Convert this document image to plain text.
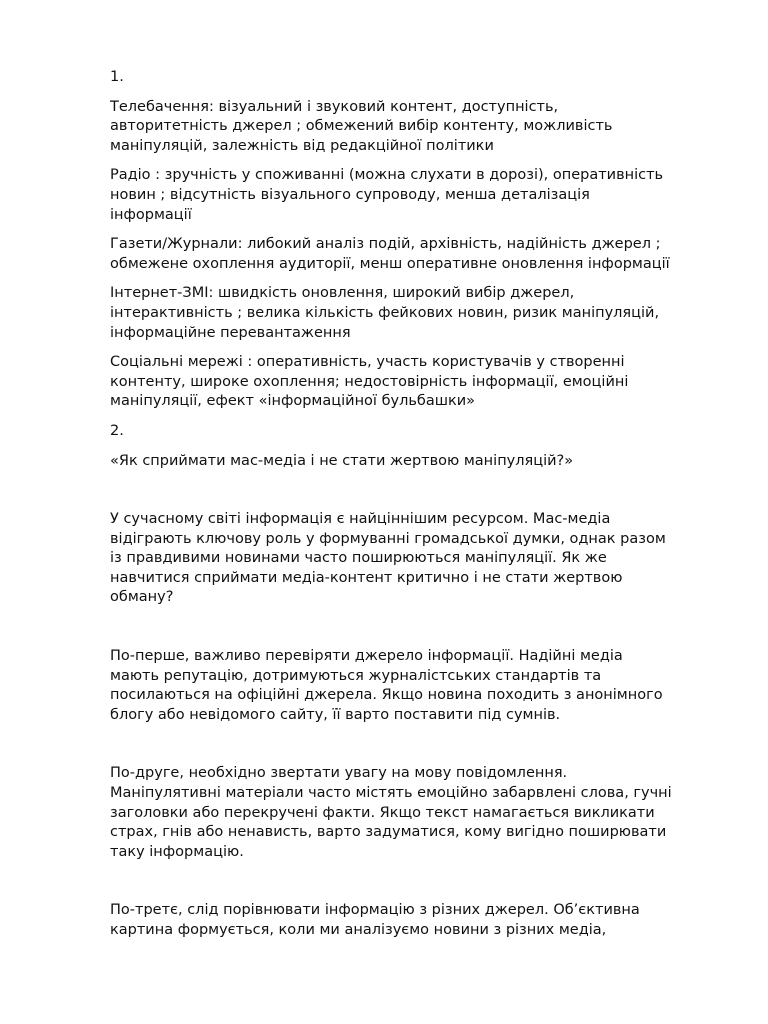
1.

Телебачення: візуальний і звуковий контент, доступність,
авторитетність джерел ; обмежений вибір контенту, можливість
маніпуляцій, залежність від редакційної політики

Радіо : зручність у споживанні (можна слухати в дорозі), оперативність
новин ; відсутність візуального супроводу, менша деталізація
інформації

Газети/Журнали: либокий аналіз подій, архівність, надійність джерел ;
обмежене охоплення аудиторії, менш оперативне оновлення інформації

Інтернет-ЗМІ: швидкість оновлення, широкий вибір джерел,
інтерактивність ; велика кількість фейкових новин, ризик маніпуляцій,
інформаційне перевантаження

Соціальні мережі : оперативність, участь користувачів у створенні
контенту, широке охоплення; недостовірність інформації, емоційні
маніпуляції, ефект «інформаційної бульбашки»

2.

«Як сприймати мас-медіа і не стати жертвою маніпуляцій?»

У сучасному світі інформація є найціннішим ресурсом. Мас-медіа
відіграють ключову роль у формуванні громадської думки, однак разом
із правдивими новинами часто поширюються маніпуляції. Як же
навчитися сприймати медіа-контент критично і не стати жертвою
обману?

По-перше, важливо перевіряти джерело інформації. Надійні медіа
мають репутацію, дотримуються журналістських стандартів та
посилаються на офіційні джерела. Якщо новина походить з анонімного
блогу або невідомого сайту, її варто поставити під сумнів.

По-друге, необхідно звертати увагу на мову повідомлення.
Маніпулятивні матеріали часто містять емоційно забарвлені слова, гучні
заголовки або перекручені факти. Якщо текст намагається викликати
страх, гнів або ненависть, варто задуматися, кому вигідно поширювати
таку інформацію.

По-третє, слід порівнювати інформацію з різних джерел. Об’єктивна
картина формується, коли ми аналізуємо новини з різних медіа,
